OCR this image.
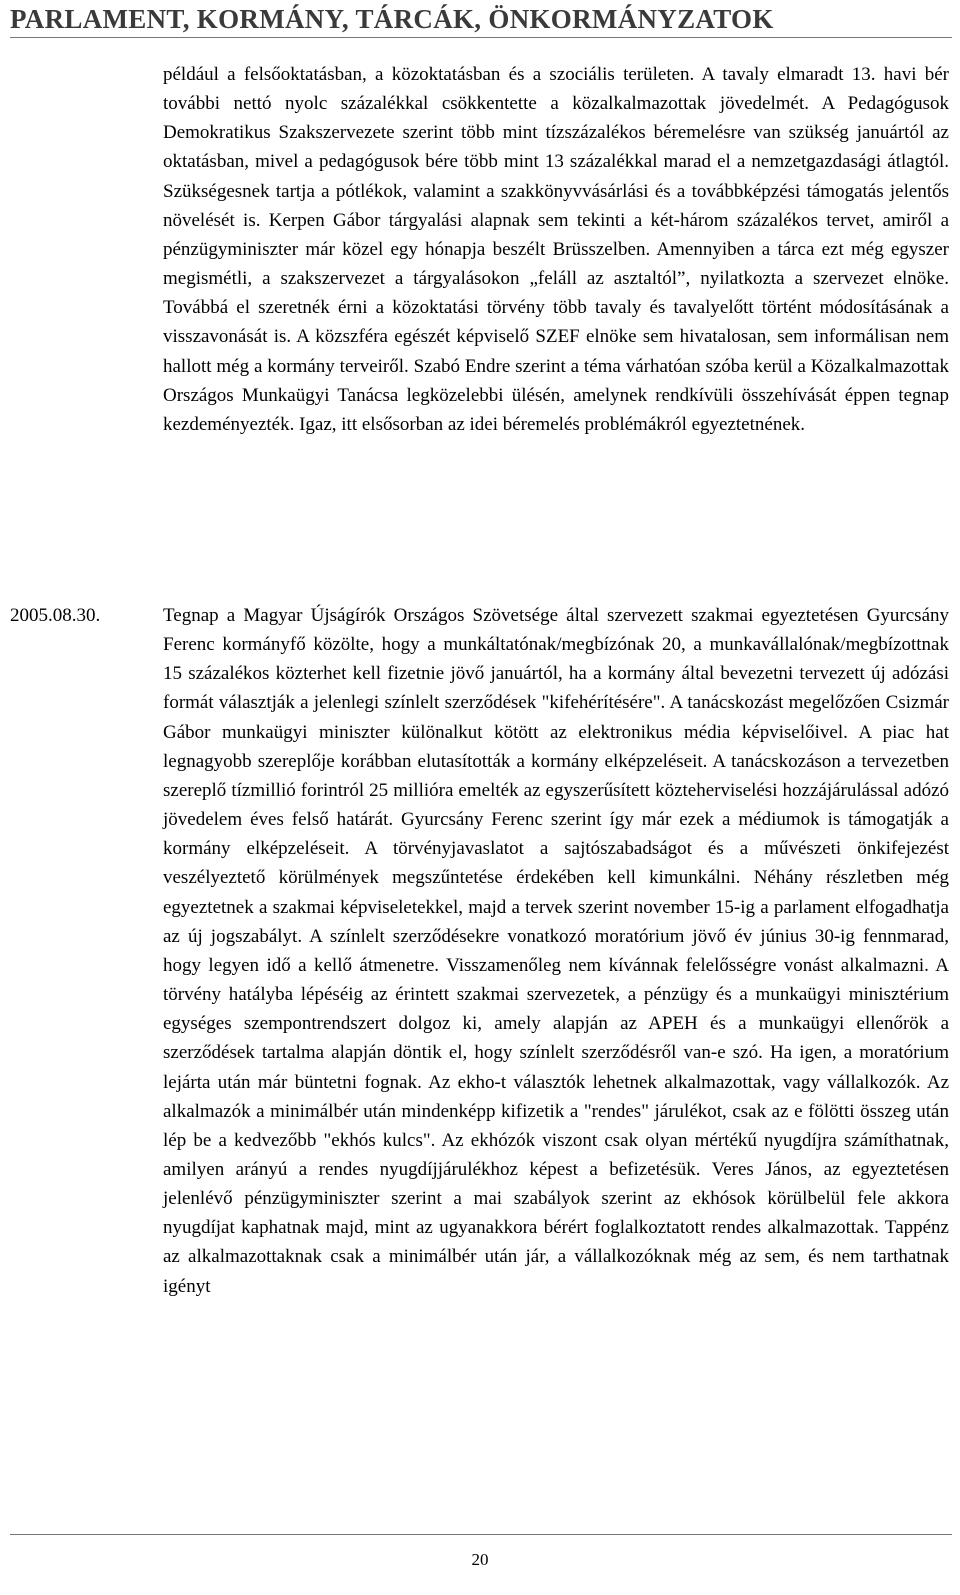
PARLAMENT, KORMÁNY, TÁRCÁK, ÖNKORMÁNYZATOK

például a felsőoktatásban, a közoktatásban és a szociális területen. A tavaly elmaradt 13. havi bér további nettó nyolc százalékkal csökkentette a közalkalmazottak jövedelmét. A Pedagógusok Demokratikus Szakszervezete szerint több mint tízszázalékos béremelésre van szükség januártól az oktatásban, mivel a pedagógusok bére több mint 13 százalékkal marad el a nemzetgazdasági átlagtól. Szükségesnek tartja a pótlékok, valamint a szakkönyvvásárlási és a továbbképzési támogatás jelentős növelését is. Kerpen Gábor tárgyalási alapnak sem tekinti a két-három százalékos tervet, amiről a pénzügyminiszter már közel egy hónapja beszélt Brüsszelben. Amennyiben a tárca ezt még egyszer megismétli, a szakszervezet a tárgyalásokon „feláll az asztaltól”, nyilatkozta a szervezet elnöke. Továbbá el szeretnék érni a közoktatási törvény több tavaly és tavalyelőtt történt módosításának a visszavonását is. A közszféra egészét képviselő SZEF elnöke sem hivatalosan, sem informálisan nem hallott még a kormány terveiről. Szabó Endre szerint a téma várhatóan szóba kerül a Közalkalmazottak Országos Munkaügyi Tanácsa legközelebbi ülésén, amelynek rendkívüli összehívását éppen tegnap kezdeményezték. Igaz, itt elsősorban az idei béremelés problémákról egyeztetnének.

2005.08.30.	Tegnap a Magyar Újságírók Országos Szövetsége által szervezett szakmai egyeztetésen Gyurcsány Ferenc kormányfő közölte, hogy a munkáltatónak/megbízónak 20, a munkavállalónak/megbízottnak 15 százalékos közterhet kell fizetnie jövő januártól, ha a kormány által bevezetni tervezett új adózási formát választják a jelenlegi színlelt szerződések "kifehérítésére". A tanácskozást megelőzően Csizmár Gábor munkaügyi miniszter különalkut kötött az elektronikus média képviselőivel. A piac hat legnagyobb szereplője korábban elutasították a kormány elképzeléseit. A tanácskozáson a tervezetben szereplő tízmillió forintról 25 millióra emelték az egyszerűsített közteherviselési hozzájárulással adózó jövedelem éves felső határát. Gyurcsány Ferenc szerint így már ezek a médiumok is támogatják a kormány elképzeléseit. A törvényjavaslatot a sajtószabadságot és a művészeti önkifejezést veszélyeztető körülmények megszűntetése érdekében kell kimunkálni. Néhány részletben még egyeztetnek a szakmai képviseletekkel, majd a tervek szerint november 15-ig a parlament elfogadhatja az új jogszabályt. A színlelt szerződésekre vonatkozó moratórium jövő év június 30-ig fennmarad, hogy legyen idő a kellő átmenetre. Visszamenőleg nem kívánnak felelősségre vonást alkalmazni. A törvény hatályba lépéséig az érintett szakmai szervezetek, a pénzügy és a munkaügyi minisztérium egységes szempontrendszert dolgoz ki, amely alapján az APEH és a munkaügyi ellenőrök a szerződések tartalma alapján döntik el, hogy színlelt szerződésről van-e szó. Ha igen, a moratórium lejárta után már büntetni fognak. Az ekho-t választók lehetnek alkalmazottak, vagy vállalkozók. Az alkalmazók a minimálbér után mindenképp kifizetik a "rendes" járulékot, csak az e fölötti összeg után lép be a kedvezőbb "ekhós kulcs". Az ekhózók viszont csak olyan mértékű nyugdíjra számíthatnak, amilyen arányú a rendes nyugdíjjárulékhoz képest a befizetésük. Veres János, az egyeztetésen jelenlévő pénzügyminiszter szerint a mai szabályok szerint az ekhósok körülbelül fele akkora nyugdíjat kaphatnak majd, mint az ugyanakkora bérért foglalkoztatott rendes alkalmazottak. Tappénz az alkalmazottaknak csak a minimálbér után jár, a vállalkozóknak még az sem, és nem tarthatnak igényt

20
